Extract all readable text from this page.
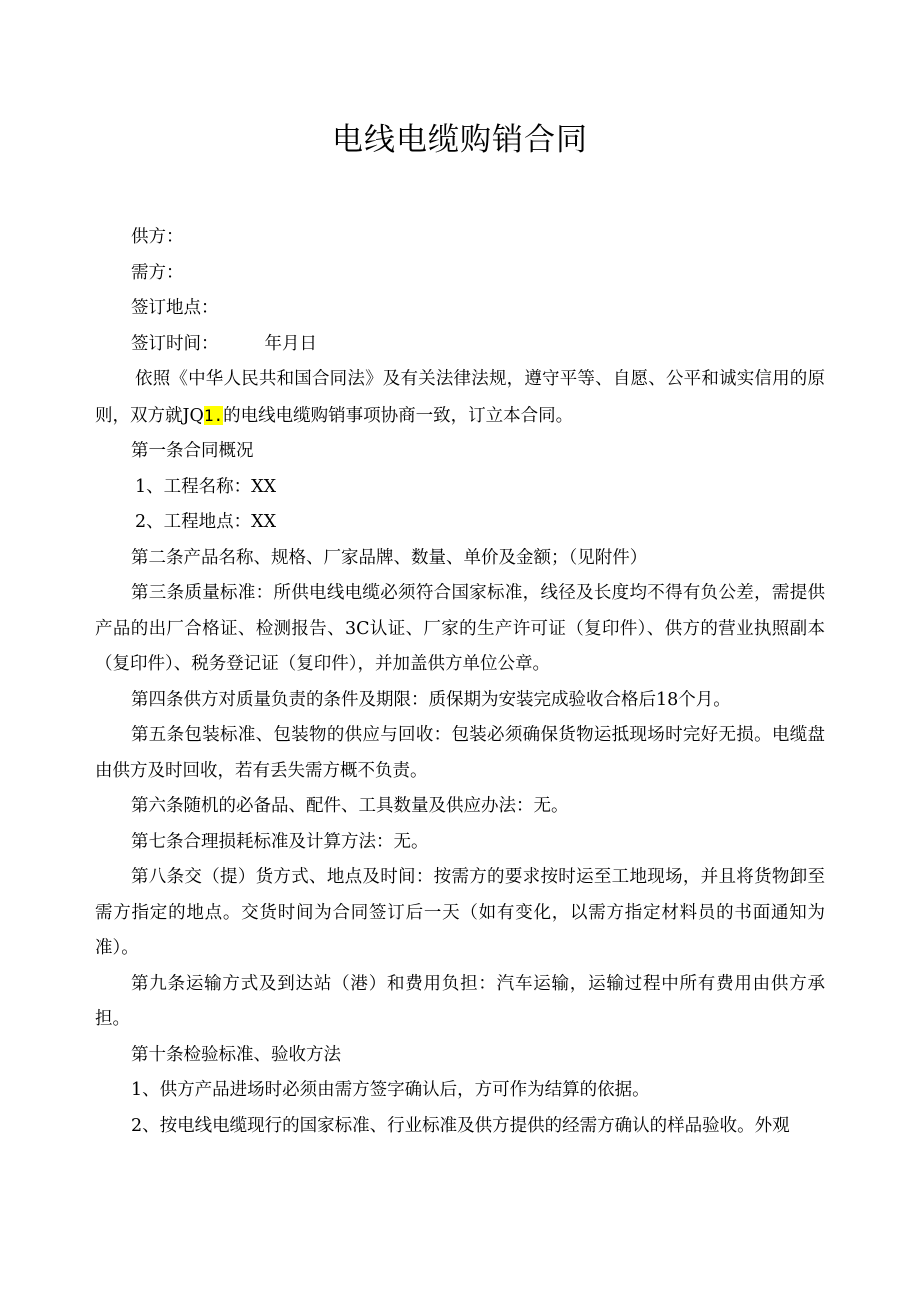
电线电缆购销合同

供方：

需方：

签订地点：

签订时间：	年月日

依照《中华人民共和国合同法》及有关法律法规，遵守平等、自愿、公平和诚实信用的原则，双方就JQ1.的电线电缆购销事项协商一致，订立本合同。

第一条合同概况

1、工程名称：XX

2、工程地点：XX

第二条产品名称、规格、厂家品牌、数量、单价及金额；（见附件）

第三条质量标准：所供电线电缆必须符合国家标准，线径及长度均不得有负公差，需提供产品的出厂合格证、检测报告、3C认证、厂家的生产许可证（复印件）、供方的营业执照副本（复印件）、税务登记证（复印件），并加盖供方单位公章。

第四条供方对质量负责的条件及期限：质保期为安装完成验收合格后18个月。

第五条包装标准、包装物的供应与回收：包装必须确保货物运抵现场时完好无损。电缆盘由供方及时回收，若有丢失需方概不负责。

第六条随机的必备品、配件、工具数量及供应办法：无。

第七条合理损耗标准及计算方法：无。

第八条交（提）货方式、地点及时间：按需方的要求按时运至工地现场，并且将货物卸至需方指定的地点。交货时间为合同签订后一天（如有变化，以需方指定材料员的书面通知为准）。

第九条运输方式及到达站（港）和费用负担：汽车运输，运输过程中所有费用由供方承担。

第十条检验标准、验收方法

1、供方产品进场时必须由需方签字确认后，方可作为结算的依据。

2、按电线电缆现行的国家标准、行业标准及供方提供的经需方确认的样品验收。外观
